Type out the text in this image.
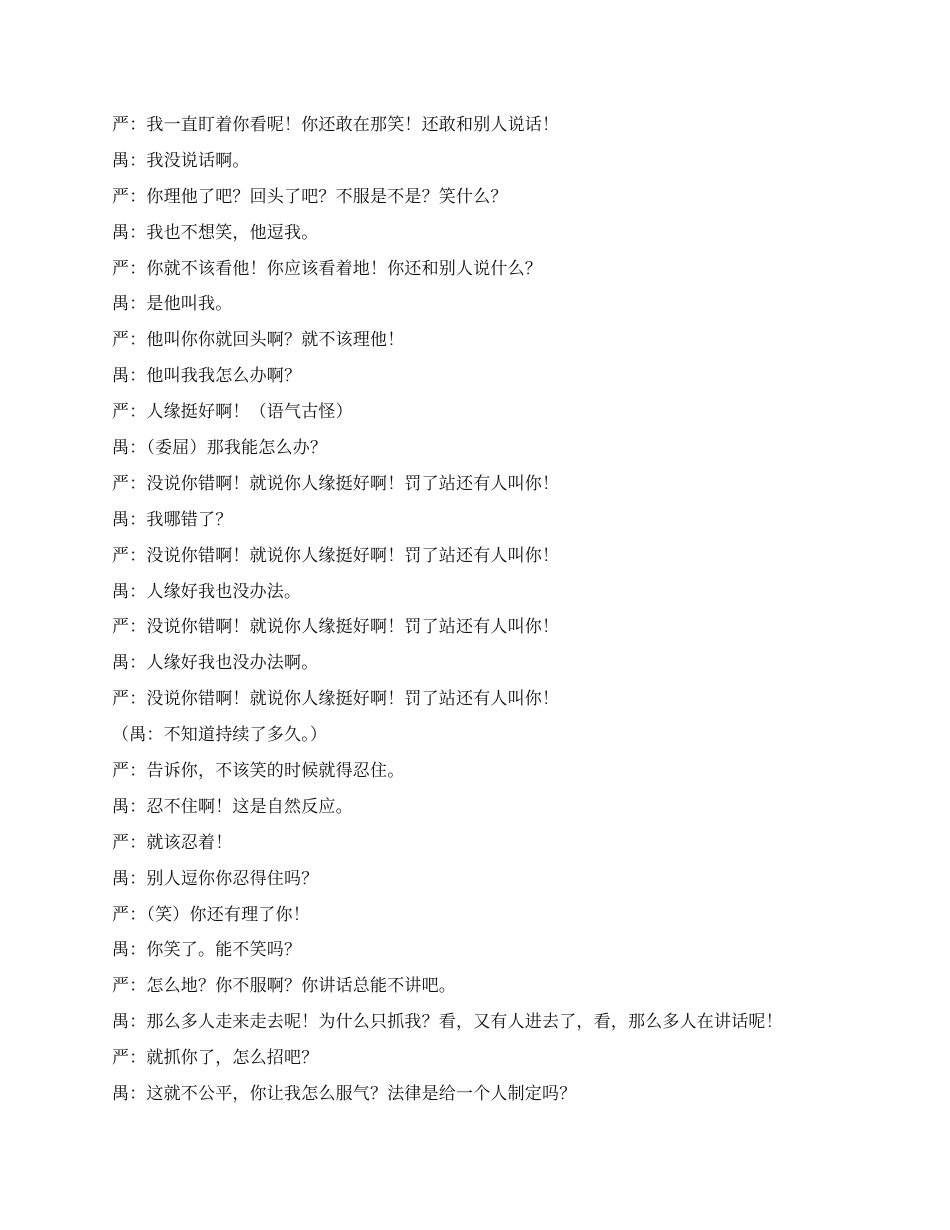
严：我一直盯着你看呢！你还敢在那笑！还敢和别人说话！
禺：我没说话啊。
严：你理他了吧？回头了吧？不服是不是？笑什么？
禺：我也不想笑，他逗我。
严：你就不该看他！你应该看着地！你还和别人说什么？
禺：是他叫我。
严：他叫你你就回头啊？就不该理他！
禺：他叫我我怎么办啊？
严：人缘挺好啊！（语气古怪）
禺：（委屈）那我能怎么办？
严：没说你错啊！就说你人缘挺好啊！罚了站还有人叫你！
禺：我哪错了？
严：没说你错啊！就说你人缘挺好啊！罚了站还有人叫你！
禺：人缘好我也没办法。
严：没说你错啊！就说你人缘挺好啊！罚了站还有人叫你！
禺：人缘好我也没办法啊。
严：没说你错啊！就说你人缘挺好啊！罚了站还有人叫你！
（禺：不知道持续了多久。）
严：告诉你，不该笑的时候就得忍住。
禺：忍不住啊！这是自然反应。
严：就该忍着！
禺：别人逗你你忍得住吗？
严：（笑）你还有理了你！
禺：你笑了。能不笑吗？
严：怎么地？你不服啊？你讲话总能不讲吧。
禺：那么多人走来走去呢！为什么只抓我？看，又有人进去了，看，那么多人在讲话呢！
严：就抓你了，怎么招吧？
禺：这就不公平，你让我怎么服气？法律是给一个人制定吗？
